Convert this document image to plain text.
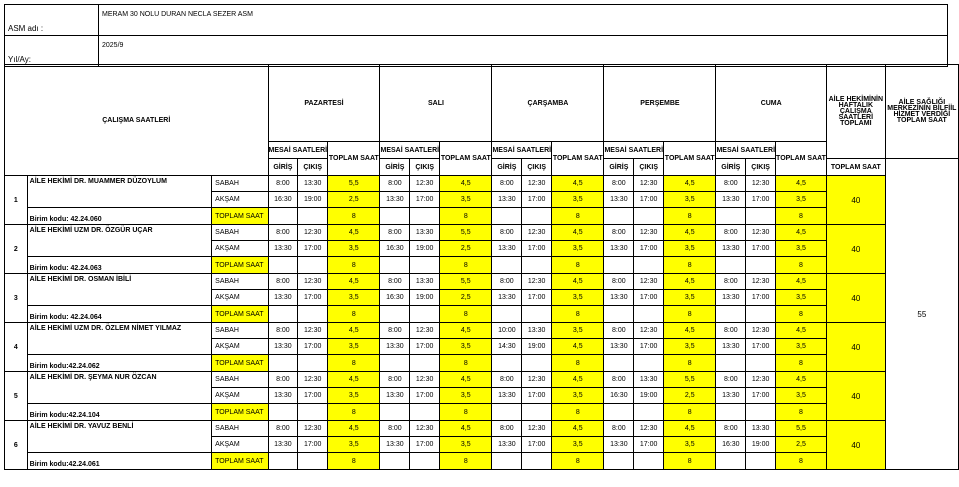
ASM adı :	MERAM 30 NOLU DURAN NECLA SEZER ASM
Yıl/Ay:	2025/9
ÇALIŞMA SAATLERİ			PAZARTESİ			SALI			ÇARŞAMBA			PERŞEMBE			CUMA			AİLE HEKİMİNİN HAFTALIK ÇALIŞMA SAATLERİ TOPLAMI	AİLE SAĞLIĞI MERKEZİNİN BİLFİİL HİZMET VERDİĞİ TOPLAM SAAT
			MESAİ SAATLERİ		TOPLAM SAAT	MESAİ SAATLERİ		TOPLAM SAAT	MESAİ SAATLERİ		TOPLAM SAAT	MESAİ SAATLERİ		TOPLAM SAAT	MESAİ SAATLERİ		TOPLAM SAAT		
			GİRİŞ	ÇIKIŞ		GİRİŞ	ÇIKIŞ		GİRİŞ	ÇIKIŞ		GİRİŞ	ÇIKIŞ		GİRİŞ	ÇIKIŞ		TOPLAM SAAT	55
1	AİLE HEKİMİ DR. MUAMMER DÜZOYLUM	SABAH	8:00	13:30	5,5	8:00	12:30	4,5	8:00	12:30	4,5	8:00	12:30	4,5	8:00	12:30	4,5	40	
		AKŞAM	16:30	19:00	2,5	13:30	17:00	3,5	13:30	17:00	3,5	13:30	17:00	3,5	13:30	17:00	3,5		
	Birim kodu: 42.24.060	TOPLAM SAAT			8			8			8			8			8		
2	AİLE HEKİMİ UZM DR. ÖZGÜR UÇAR	SABAH	8:00	12:30	4,5	8:00	13:30	5,5	8:00	12:30	4,5	8:00	12:30	4,5	8:00	12:30	4,5	40	
		AKŞAM	13:30	17:00	3,5	16:30	19:00	2,5	13:30	17:00	3,5	13:30	17:00	3,5	13:30	17:00	3,5		
	Birim kodu: 42.24.063	TOPLAM SAAT			8			8			8			8			8		
3	AİLE HEKİMİ DR. OSMAN İBİLİ	SABAH	8:00	12:30	4,5	8:00	13:30	5,5	8:00	12:30	4,5	8:00	12:30	4,5	8:00	12:30	4,5	40	
		AKŞAM	13:30	17:00	3,5	16:30	19:00	2,5	13:30	17:00	3,5	13:30	17:00	3,5	13:30	17:00	3,5		
	Birim kodu: 42.24.064	TOPLAM SAAT			8			8			8			8			8		
4	AİLE HEKİMİ UZM DR. ÖZLEM NİMET YILMAZ	SABAH	8:00	12:30	4,5	8:00	12:30	4,5	10:00	13:30	3,5	8:00	12:30	4,5	8:00	12:30	4,5	40	
		AKŞAM	13:30	17:00	3,5	13:30	17:00	3,5	14:30	19:00	4,5	13:30	17:00	3,5	13:30	17:00	3,5		
	Birim kodu:42.24.062	TOPLAM SAAT			8			8			8			8			8		
5	AİLE HEKİMİ DR. ŞEYMA NUR ÖZCAN	SABAH	8:00	12:30	4,5	8:00	12:30	4,5	8:00	12:30	4,5	8:00	13:30	5,5	8:00	12:30	4,5	40	
		AKŞAM	13:30	17:00	3,5	13:30	17:00	3,5	13:30	17:00	3,5	16:30	19:00	2,5	13:30	17:00	3,5		
	Birim kodu:42.24.104	TOPLAM SAAT			8			8			8			8			8		
6	AİLE HEKİMİ DR. YAVUZ BENLİ	SABAH	8:00	12:30	4,5	8:00	12:30	4,5	8:00	12:30	4,5	8:00	12:30	4,5	8:00	13:30	5,5	40	
		AKŞAM	13:30	17:00	3,5	13:30	17:00	3,5	13:30	17:00	3,5	13:30	17:00	3,5	16:30	19:00	2,5		
	Birim kodu:42.24.061	TOPLAM SAAT			8			8			8			8			8		
